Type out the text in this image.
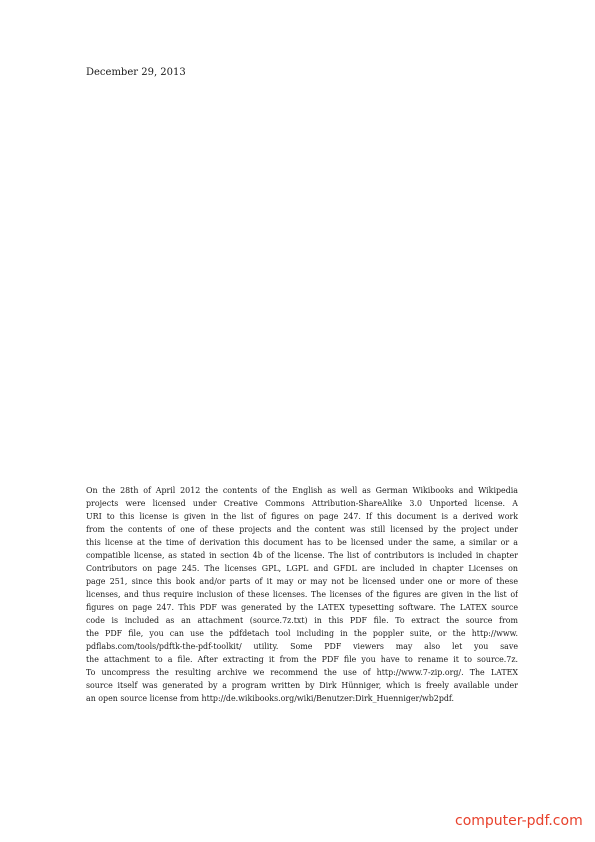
December 29, 2013
On the 28th of April 2012 the contents of the English as well as German Wikibooks and Wikipedia
projects were licensed under Creative Commons Attribution-ShareAlike 3.0 Unported license. A
URI to this license is given in the list of figures on page 247. If this document is a derived work
from the contents of one of these projects and the content was still licensed by the project under
this license at the time of derivation this document has to be licensed under the same, a similar or a
compatible license, as stated in section 4b of the license. The list of contributors is included in chapter
Contributors on page 245. The licenses GPL, LGPL and GFDL are included in chapter Licenses on
page 251, since this book and/or parts of it may or may not be licensed under one or more of these
licenses, and thus require inclusion of these licenses. The licenses of the figures are given in the list of
figures on page 247. This PDF was generated by the LATEX typesetting software. The LATEX source
code is included as an attachment (source.7z.txt) in this PDF file. To extract the source from
the PDF file, you can use the pdfdetach tool including in the poppler suite, or the http://www.
pdflabs.com/tools/pdftk-the-pdf-toolkit/ utility. Some PDF viewers may also let you save
the attachment to a file. After extracting it from the PDF file you have to rename it to source.7z.
To uncompress the resulting archive we recommend the use of http://www.7-zip.org/. The LATEX
source itself was generated by a program written by Dirk Hünniger, which is freely available under
an open source license from http://de.wikibooks.org/wiki/Benutzer:Dirk_Huenniger/wb2pdf.
computer-pdf.com
